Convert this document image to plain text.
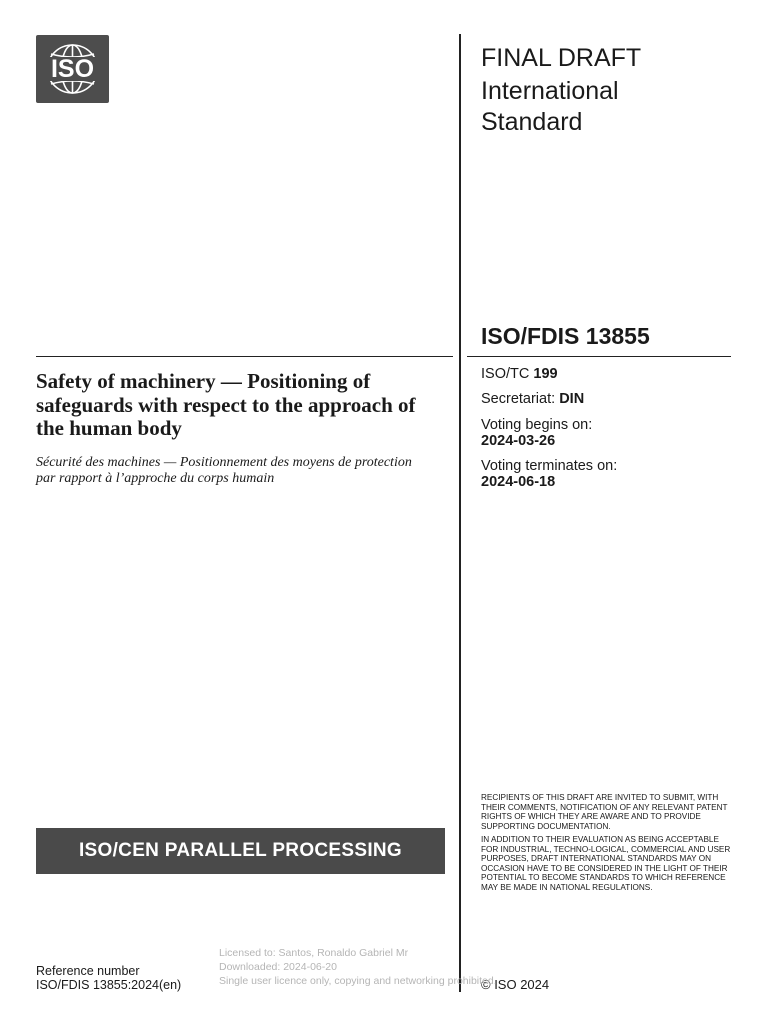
ISO	FINAL DRAFT
International Standard
ISO/FDIS 13855
Safety of machinery — Positioning of safeguards with respect to the approach of the human body
Sécurité des machines — Positionnement des moyens de protection par rapport à l’approche du corps humain
ISO/TC 199
Secretariat: DIN
Voting begins on:
2024-03-26
Voting terminates on:
2024-06-18
ISO/CEN PARALLEL PROCESSING
RECIPIENTS OF THIS DRAFT ARE INVITED TO SUBMIT, WITH THEIR COMMENTS, NOTIFICATION OF ANY RELEVANT PATENT RIGHTS OF WHICH THEY ARE AWARE AND TO PROVIDE SUPPORTING DOCUMENTATION.
IN ADDITION TO THEIR EVALUATION AS BEING ACCEPTABLE FOR INDUSTRIAL, TECHNO-LOGICAL, COMMERCIAL AND USER PURPOSES, DRAFT INTERNATIONAL STANDARDS MAY ON OCCASION HAVE TO BE CONSIDERED IN THE LIGHT OF THEIR POTENTIAL TO BECOME STANDARDS TO WHICH REFERENCE MAY BE MADE IN NATIONAL REGULATIONS.
Reference number
ISO/FDIS 13855:2024(en)	© ISO 2024
Licensed to: Santos, Ronaldo Gabriel Mr
Downloaded: 2024-06-20
Single user licence only, copying and networking prohibited.
